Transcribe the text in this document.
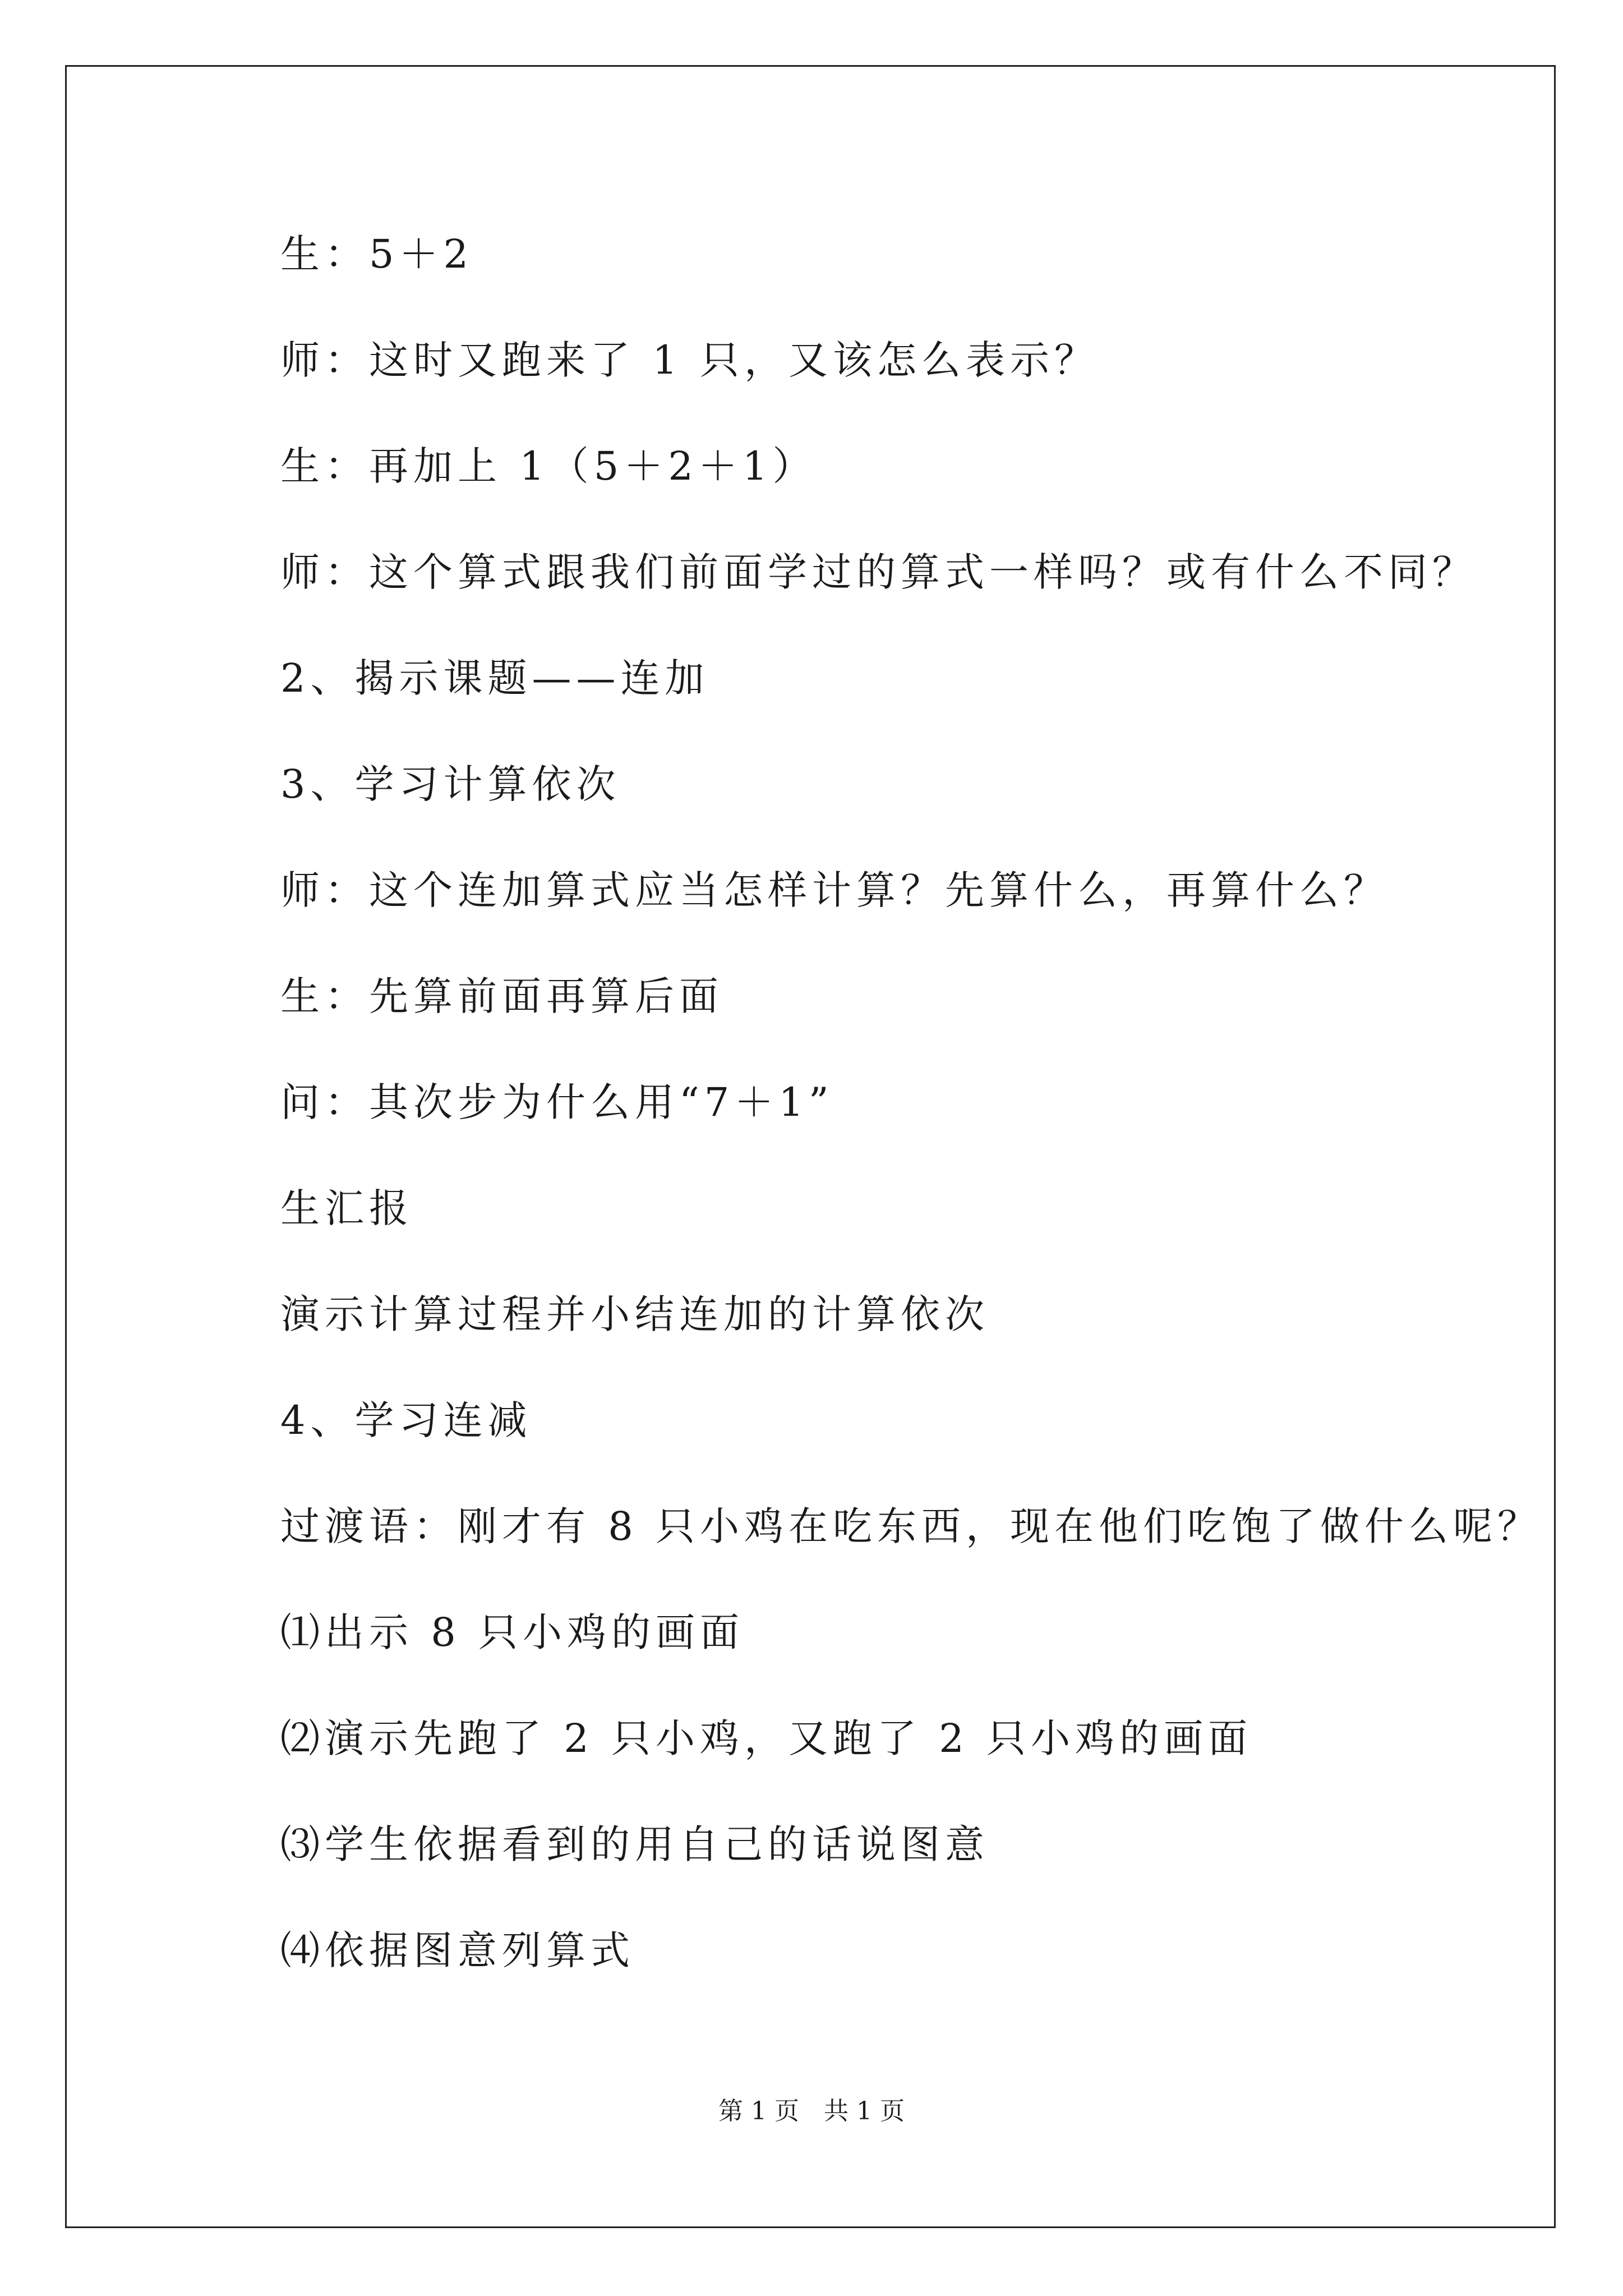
生：5＋2
师：这时又跑来了 1 只，又该怎么表示？
生：再加上 1（5＋2＋1）
师：这个算式跟我们前面学过的算式一样吗？或有什么不同？
2、揭示课题——连加
3、学习计算依次
师：这个连加算式应当怎样计算？先算什么，再算什么？
生：先算前面再算后面
问：其次步为什么用“7＋1”
生汇报
演示计算过程并小结连加的计算依次
4、学习连减
过渡语：刚才有 8 只小鸡在吃东西，现在他们吃饱了做什么呢？
⑴出示 8 只小鸡的画面
⑵演示先跑了 2 只小鸡，又跑了 2 只小鸡的画面
⑶学生依据看到的用自己的话说图意
⑷依据图意列算式
第 1 页　共 1 页
